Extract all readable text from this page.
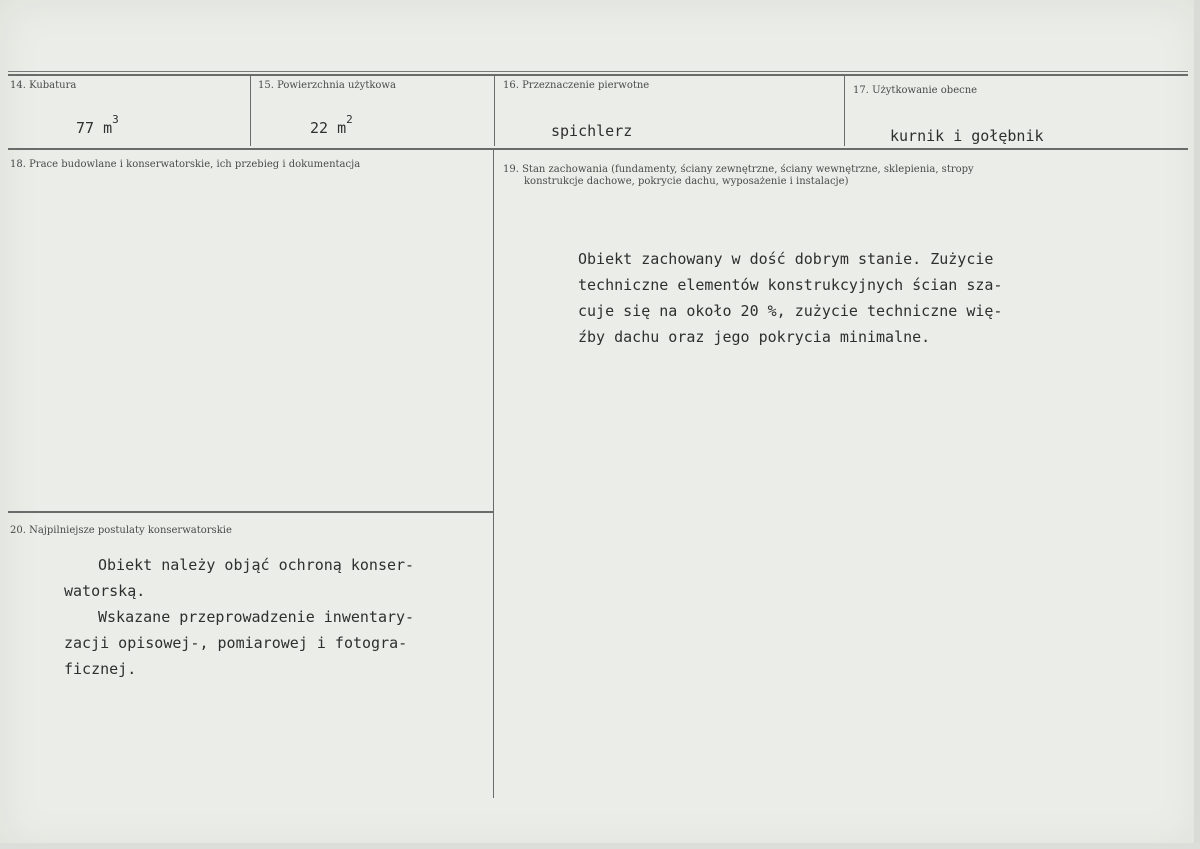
14. Kubatura
77 $m^3$
15. Powierzchnia użytkowa
22 $m^2$
16. Przeznaczenie pierwotne
spichlerz
17. Użytkowanie obecne
kurnik i gołębnik
18. Prace budowlane i konserwatorskie, ich przebieg i dokumentacja	19. Stan zachowania (fundamenty, ściany zewnętrzne, ściany wewnętrzne, sklepienia, stropy
konstrukcje dachowe, pokrycie dachu, wyposażenie i instalacje)
Obiekt zachowany w dość dobrym stanie. Zużycie
techniczne elementów konstrukcyjnych ścian sza-
cuje się na około 20 %, zużycie techniczne wię-
źby dachu oraz jego pokrycia minimalne.
20. Najpilniejsze postulaty konserwatorskie
Obiekt należy objąć ochroną konser-
watorską.
Wskazane przeprowadzenie inwentary-
zacji opisowej-, pomiarowej i fotogra-
ficznej.
